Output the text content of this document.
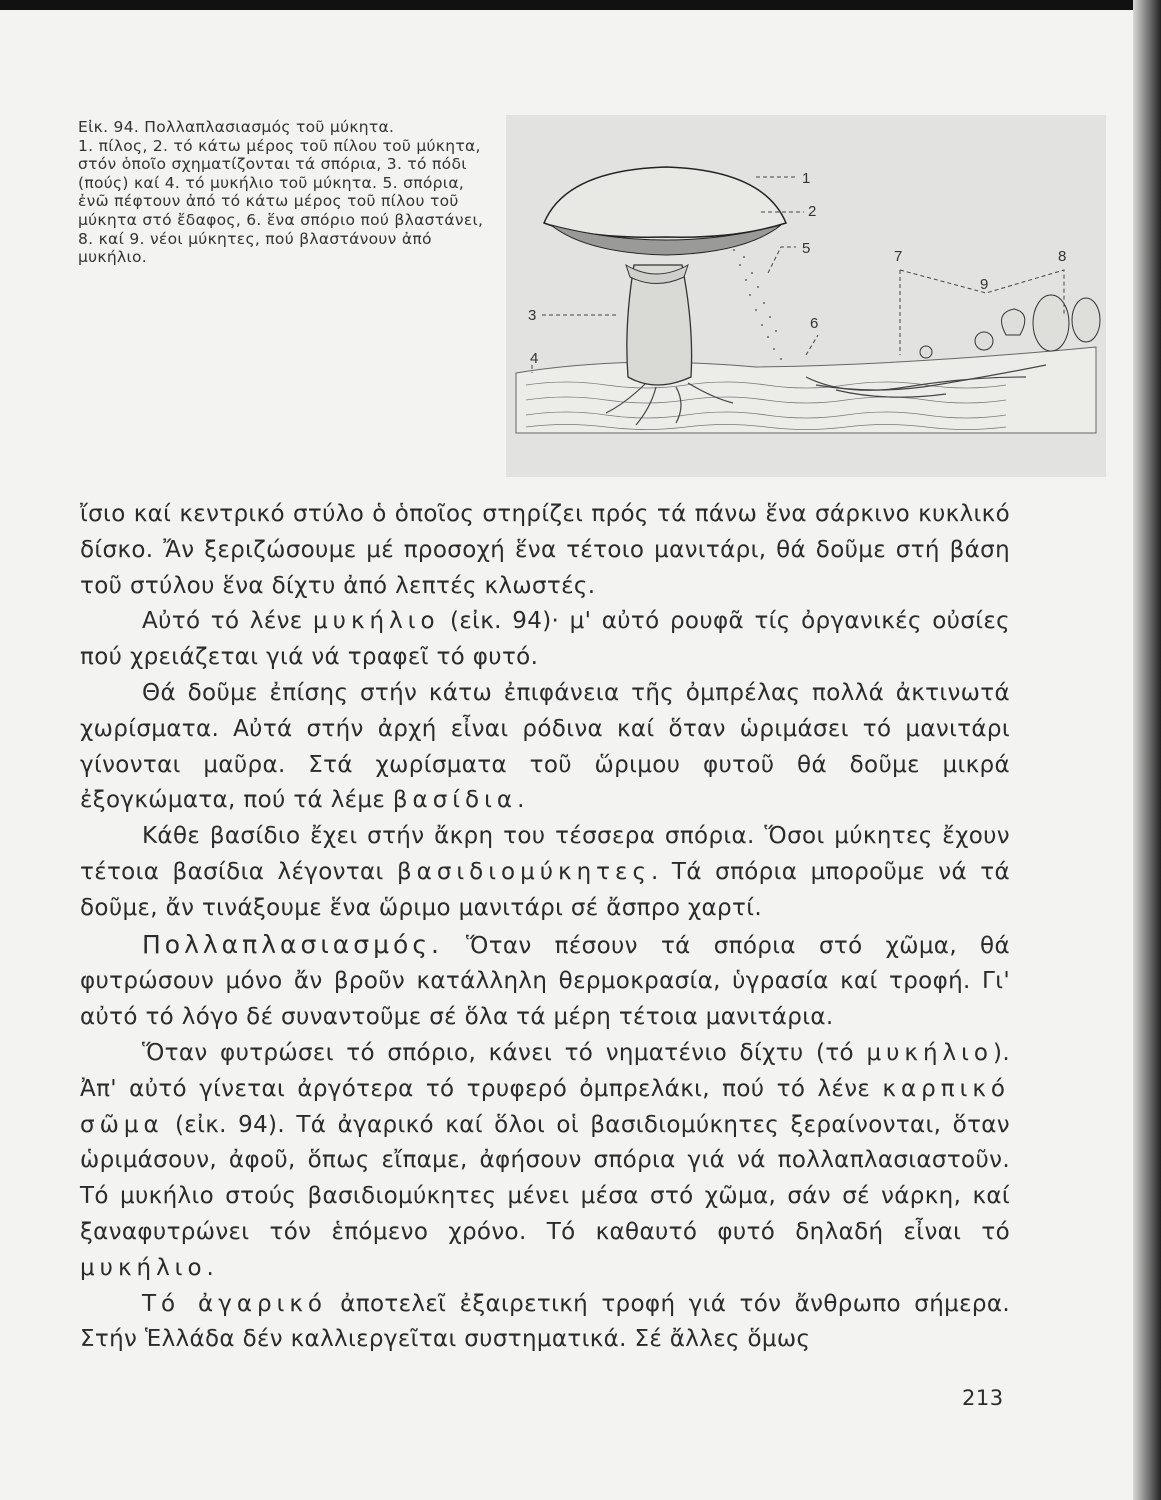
Εἰκ. 94. Πολλαπλασιασμός τοῦ μύκητα.

1. πίλος, 2. τό κάτω μέρος τοῦ πίλου τοῦ μύκητα, στόν ὁποῖο σχηματίζονται τά σπόρια, 3. τό πόδι (πούς) καί 4. τό μυκήλιο τοῦ μύκητα. 5. σπόρια, ἐνῶ πέφτουν ἀπό τό κάτω μέρος τοῦ πίλου τοῦ μύκητα στό ἔδαφος, 6. ἕνα σπόριο πού βλαστάνει, 8. καί 9. νέοι μύκητες, πού βλαστάνουν ἀπό μυκήλιο.

1
2
3
4
5
6
7	8
9

ἴσιο καί κεντρικό στύλο ὁ ὁποῖος στηρίζει πρός τά πάνω ἕνα σάρκινο κυκλικό δίσκο. Ἄν ξεριζώσουμε μέ προσοχή ἕνα τέτοιο μανιτάρι, θά δοῦμε στή βάση τοῦ στύλου ἕνα δίχτυ ἀπό λεπτές κλωστές.

Αὐτό τό λένε μυκήλιο (εἰκ. 94)· μ' αὐτό ρουφᾶ τίς ὀργανικές οὐσίες πού χρειάζεται γιά νά τραφεῖ τό φυτό.

Θά δοῦμε ἐπίσης στήν κάτω ἐπιφάνεια τῆς ὀμπρέλας πολλά ἀκτινωτά χωρίσματα. Αὐτά στήν ἀρχή εἶναι ρόδινα καί ὅταν ὡριμάσει τό μανιτάρι γίνονται μαῦρα. Στά χωρίσματα τοῦ ὥριμου φυτοῦ θά δοῦμε μικρά ἐξογκώματα, πού τά λέμε βασίδια.

Κάθε βασίδιο ἔχει στήν ἄκρη του τέσσερα σπόρια. Ὅσοι μύκητες ἔχουν τέτοια βασίδια λέγονται βασιδιομύκητες. Τά σπόρια μποροῦμε νά τά δοῦμε, ἄν τινάξουμε ἕνα ὥριμο μανιτάρι σέ ἄσπρο χαρτί.

Πολλαπλασιασμός. Ὅταν πέσουν τά σπόρια στό χῶμα, θά φυτρώσουν μόνο ἄν βροῦν κατάλληλη θερμοκρασία, ὑγρασία καί τροφή. Γι' αὐτό τό λόγο δέ συναντοῦμε σέ ὅλα τά μέρη τέτοια μανιτάρια.

Ὅταν φυτρώσει τό σπόριο, κάνει τό νηματένιο δίχτυ (τό μυκήλιο). Ἀπ' αὐτό γίνεται ἀργότερα τό τρυφερό ὀμπρελάκι, πού τό λένε καρπικό σῶμα (εἰκ. 94). Τά ἀγαρικό καί ὅλοι οἱ βασιδιομύκητες ξεραίνονται, ὅταν ὡριμάσουν, ἀφοῦ, ὅπως εἴπαμε, ἀφήσουν σπόρια γιά νά πολλαπλασιαστοῦν. Τό μυκήλιο στούς βασιδιομύκητες μένει μέσα στό χῶμα, σάν σέ νάρκη, καί ξαναφυτρώνει τόν ἑπόμενο χρόνο. Τό καθαυτό φυτό δηλαδή εἶναι τό μυκήλιο.

Τό ἀγαρικό ἀποτελεῖ ἐξαιρετική τροφή γιά τόν ἄνθρωπο σήμερα. Στήν Ἑλλάδα δέν καλλιεργεῖται συστηματικά. Σέ ἄλλες ὅμως

213
